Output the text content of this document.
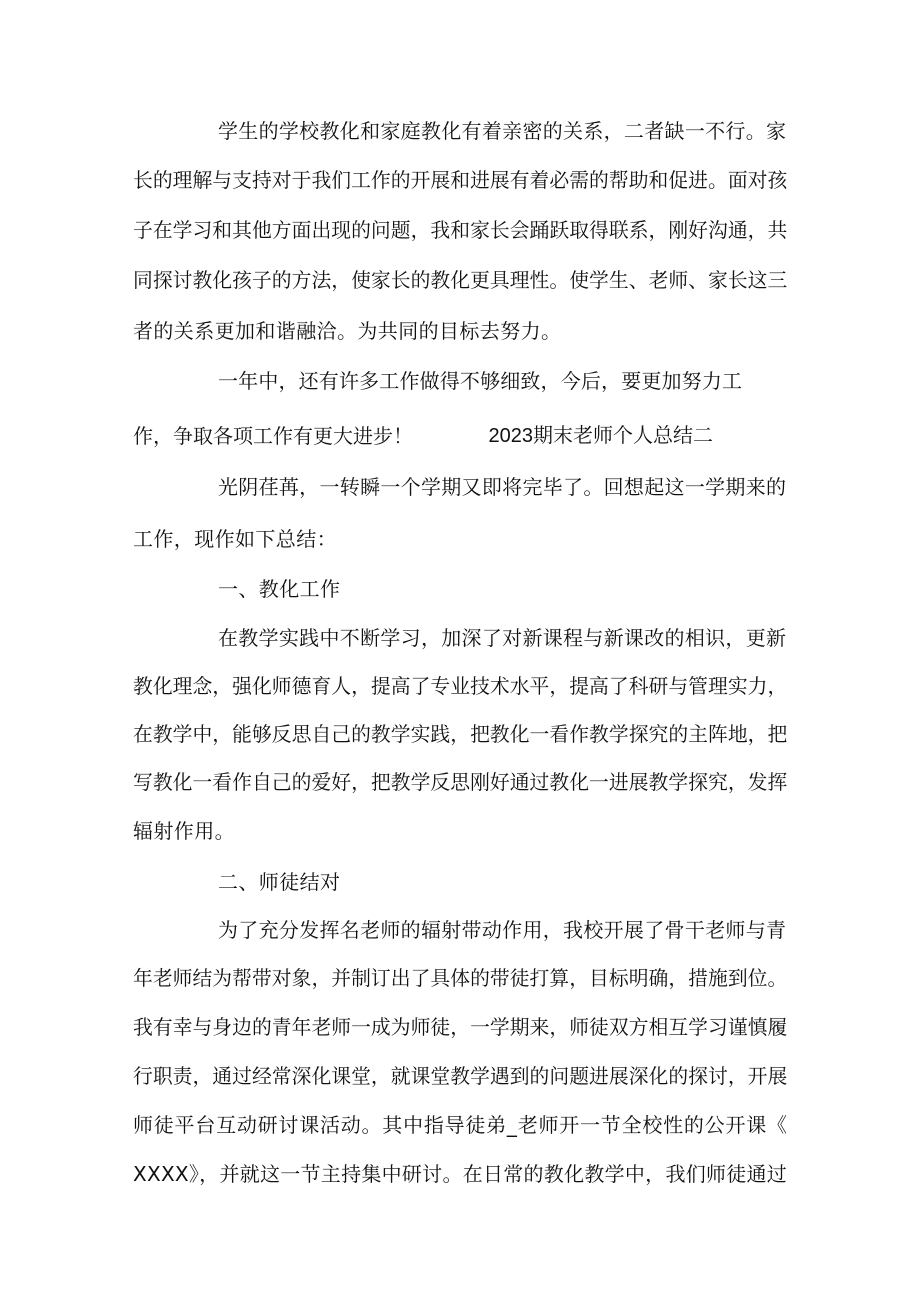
学生的学校教化和家庭教化有着亲密的关系，二者缺一不行。家
长的理解与支持对于我们工作的开展和进展有着必需的帮助和促进。面对孩
子在学习和其他方面出现的问题，我和家长会踊跃取得联系，刚好沟通，共
同探讨教化孩子的方法，使家长的教化更具理性。使学生、老师、家长这三
者的关系更加和谐融洽。为共同的目标去努力。
一年中，还有许多工作做得不够细致，今后，要更加努力工
作，争取各项工作有更大进步！	2023期末老师个人总结二
光阴荏苒，一转瞬一个学期又即将完毕了。回想起这一学期来的
工作，现作如下总结：
一、教化工作
在教学实践中不断学习，加深了对新课程与新课改的相识，更新
教化理念，强化师德育人，提高了专业技术水平，提高了科研与管理实力，
在教学中，能够反思自己的教学实践，把教化一看作教学探究的主阵地，把
写教化一看作自己的爱好，把教学反思刚好通过教化一进展教学探究，发挥
辐射作用。
二、师徒结对
为了充分发挥名老师的辐射带动作用，我校开展了骨干老师与青
年老师结为帮带对象，并制订出了具体的带徒打算，目标明确，措施到位。
我有幸与身边的青年老师一成为师徒，一学期来，师徒双方相互学习谨慎履
行职责，通过经常深化课堂，就课堂教学遇到的问题进展深化的探讨，开展
师徒平台互动研讨课活动。其中指导徒弟_老师开一节全校性的公开课《
XXXX》，并就这一节主持集中研讨。在日常的教化教学中，我们师徒通过
